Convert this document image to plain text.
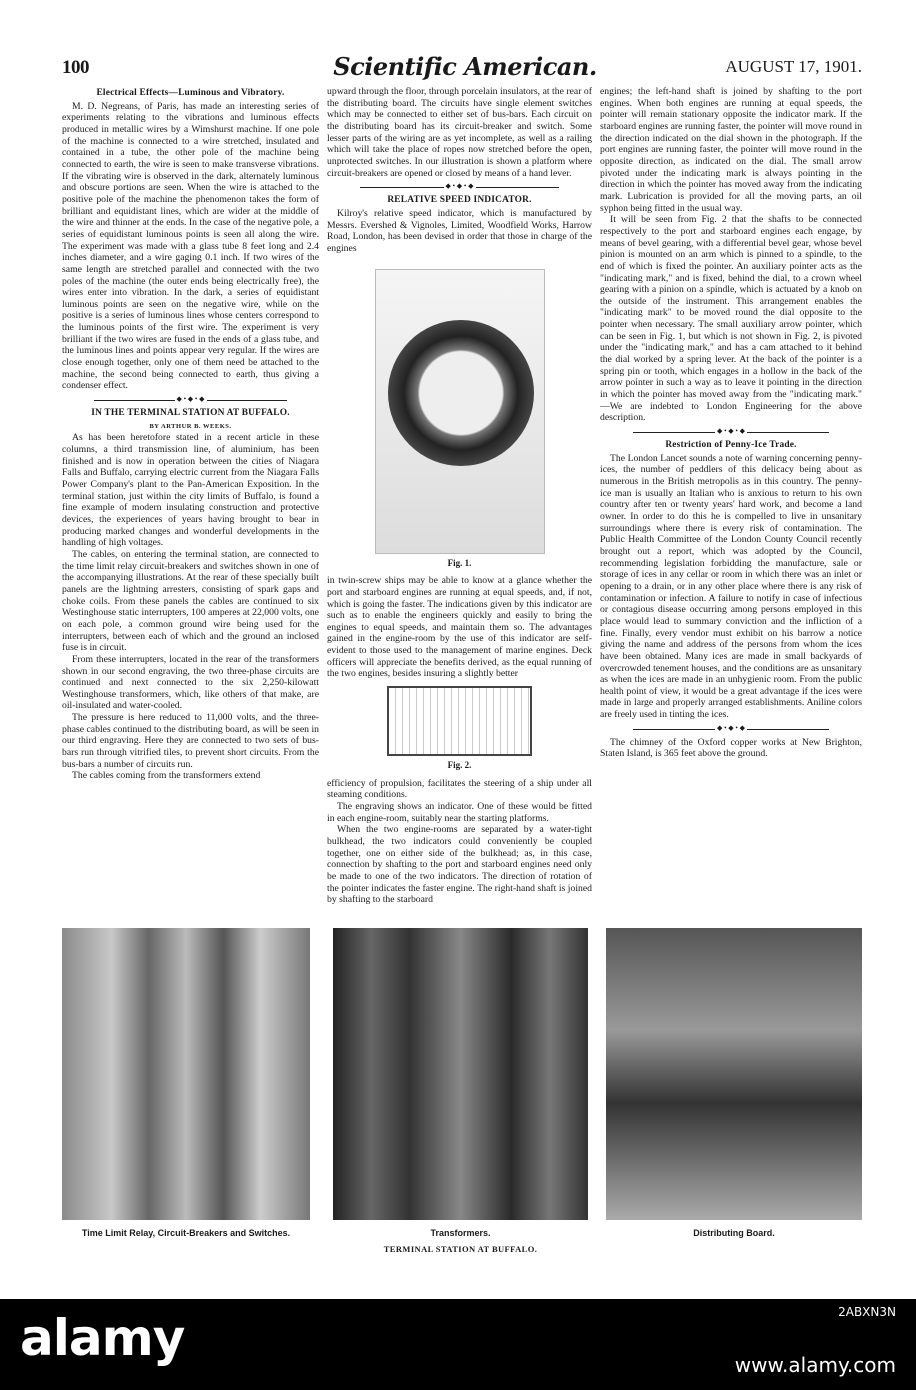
100	Scientific American.	AUGUST 17, 1901.
Electrical Effects—Luminous and Vibratory.

M. D. Negreans, of Paris, has made an interesting series of experiments relating to the vibrations and luminous effects produced in metallic wires by a Wimshurst machine. If one pole of the machine is connected to a wire stretched, insulated and contained in a tube, the other pole of the machine being connected to earth, the wire is seen to make transverse vibrations. If the vibrating wire is observed in the dark, alternately luminous and obscure portions are seen. When the wire is attached to the positive pole of the machine the phenomenon takes the form of brilliant and equidistant lines, which are wider at the middle of the wire and thinner at the ends. In the case of the negative pole, a series of equidistant luminous points is seen all along the wire. The experiment was made with a glass tube 8 feet long and 2.4 inches diameter, and a wire gaging 0.1 inch. If two wires of the same length are stretched parallel and connected with the two poles of the machine (the outer ends being electrically free), the wires enter into vibration. In the dark, a series of equidistant luminous points are seen on the negative wire, while on the positive is a series of luminous lines whose centers correspond to the luminous points of the first wire. The experiment is very brilliant if the two wires are fused in the ends of a glass tube, and the luminous lines and points appear very regular. If the wires are close enough together, only one of them need be attached to the machine, the second being connected to earth, thus giving a condenser effect.

◆ • ◆ • ◆
IN THE TERMINAL STATION AT BUFFALO.
BY ARTHUR B. WEEKS.

As has been heretofore stated in a recent article in these columns, a third transmission line, of aluminium, has been finished and is now in operation between the cities of Niagara Falls and Buffalo, carrying electric current from the Niagara Falls Power Company's plant to the Pan-American Exposition. In the terminal station, just within the city limits of Buffalo, is found a fine example of modern insulating construction and protective devices, the experiences of years having brought to bear in producing marked changes and wonderful developments in the handling of high voltages.

The cables, on entering the terminal station, are connected to the time limit relay circuit-breakers and switches shown in one of the accompanying illustrations. At the rear of these specially built panels are the lightning arresters, consisting of spark gaps and choke coils. From these panels the cables are continued to six Westinghouse static interrupters, 100 amperes at 22,000 volts, one on each pole, a common ground wire being used for the interrupters, between each of which and the ground an inclosed fuse is in circuit.

From these interrupters, located in the rear of the transformers shown in our second engraving, the two three-phase circuits are continued and next connected to the six 2,250-kilowatt Westinghouse transformers, which, like others of that make, are oil-insulated and water-cooled.

The pressure is here reduced to 11,000 volts, and the three-phase cables continued to the distributing board, as will be seen in our third engraving. Here they are connected to two sets of bus-bars run through vitrified tiles, to prevent short circuits. From the bus-bars a number of circuits run.

The cables coming from the transformers extend

upward through the floor, through porcelain insulators, at the rear of the distributing board. The circuits have single element switches which may be connected to either set of bus-bars. Each circuit on the distributing board has its circuit-breaker and switch. Some lesser parts of the wiring are as yet incomplete, as well as a railing which will take the place of ropes now stretched before the open, unprotected switches. In our illustration is shown a platform where circuit-breakers are opened or closed by means of a hand lever.

◆ • ◆ • ◆
RELATIVE SPEED INDICATOR.

Kilroy's relative speed indicator, which is manufactured by Messrs. Evershed & Vignoles, Limited, Woodfield Works, Harrow Road, London, has been devised in order that those in charge of the engines

Fig. 1.

in twin-screw ships may be able to know at a glance whether the port and starboard engines are running at equal speeds, and, if not, which is going the faster. The indications given by this indicator are such as to enable the engineers quickly and easily to bring the engines to equal speeds, and maintain them so. The advantages gained in the engine-room by the use of this indicator are self-evident to those used to the management of marine engines. Deck officers will appreciate the benefits derived, as the equal running of the two engines, besides insuring a slightly better

Fig. 2.

efficiency of propulsion, facilitates the steering of a ship under all steaming conditions.

The engraving shows an indicator. One of these would be fitted in each engine-room, suitably near the starting platforms.

When the two engine-rooms are separated by a water-tight bulkhead, the two indicators could conveniently be coupled together, one on either side of the bulkhead; as, in this case, connection by shafting to the port and starboard engines need only be made to one of the two indicators. The direction of rotation of the pointer indicates the faster engine. The right-hand shaft is joined by shafting to the starboard

engines; the left-hand shaft is joined by shafting to the port engines. When both engines are running at equal speeds, the pointer will remain stationary opposite the indicator mark. If the starboard engines are running faster, the pointer will move round in the direction indicated on the dial shown in the photograph. If the port engines are running faster, the pointer will move round in the opposite direction, as indicated on the dial. The small arrow pivoted under the indicating mark is always pointing in the direction in which the pointer has moved away from the indicating mark. Lubrication is provided for all the moving parts, an oil syphon being fitted in the usual way.

It will be seen from Fig. 2 that the shafts to be connected respectively to the port and starboard engines each engage, by means of bevel gearing, with a differential bevel gear, whose bevel pinion is mounted on an arm which is pinned to a spindle, to the end of which is fixed the pointer. An auxiliary pointer acts as the "indicating mark," and is fixed, behind the dial, to a crown wheel gearing with a pinion on a spindle, which is actuated by a knob on the outside of the instrument. This arrangement enables the "indicating mark" to be moved round the dial opposite to the pointer when necessary. The small auxiliary arrow pointer, which can be seen in Fig. 1, but which is not shown in Fig. 2, is pivoted under the "indicating mark," and has a cam attached to it behind the dial worked by a spring lever. At the back of the pointer is a spring pin or tooth, which engages in a hollow in the back of the arrow pointer in such a way as to leave it pointing in the direction in which the pointer has moved away from the "indicating mark." —We are indebted to London Engineering for the above description.

◆ • ◆ • ◆
Restriction of Penny-Ice Trade.

The London Lancet sounds a note of warning concerning penny-ices, the number of peddlers of this delicacy being about as numerous in the British metropolis as in this country. The penny-ice man is usually an Italian who is anxious to return to his own country after ten or twenty years' hard work, and become a land owner. In order to do this he is compelled to live in unsanitary surroundings where there is every risk of contamination. The Public Health Committee of the London County Council recently brought out a report, which was adopted by the Council, recommending legislation forbidding the manufacture, sale or storage of ices in any cellar or room in which there was an inlet or opening to a drain, or in any other place where there is any risk of contamination or infection. A failure to notify in case of infectious or contagious disease occurring among persons employed in this place would lead to summary conviction and the infliction of a fine. Finally, every vendor must exhibit on his barrow a notice giving the name and address of the persons from whom the ices have been obtained. Many ices are made in small backyards of overcrowded tenement houses, and the conditions are as unsanitary as when the ices are made in an unhygienic room. From the public health point of view, it would be a great advantage if the ices were made in large and properly arranged establishments. Aniline colors are freely used in tinting the ices.

◆ • ◆ • ◆

The chimney of the Oxford copper works at New Brighton, Staten Island, is 365 feet above the ground.

Time Limit Relay, Circuit-Breakers and Switches.	Transformers.	Distributing Board.
TERMINAL STATION AT BUFFALO.
alamy	2ABXN3N
www.alamy.com
